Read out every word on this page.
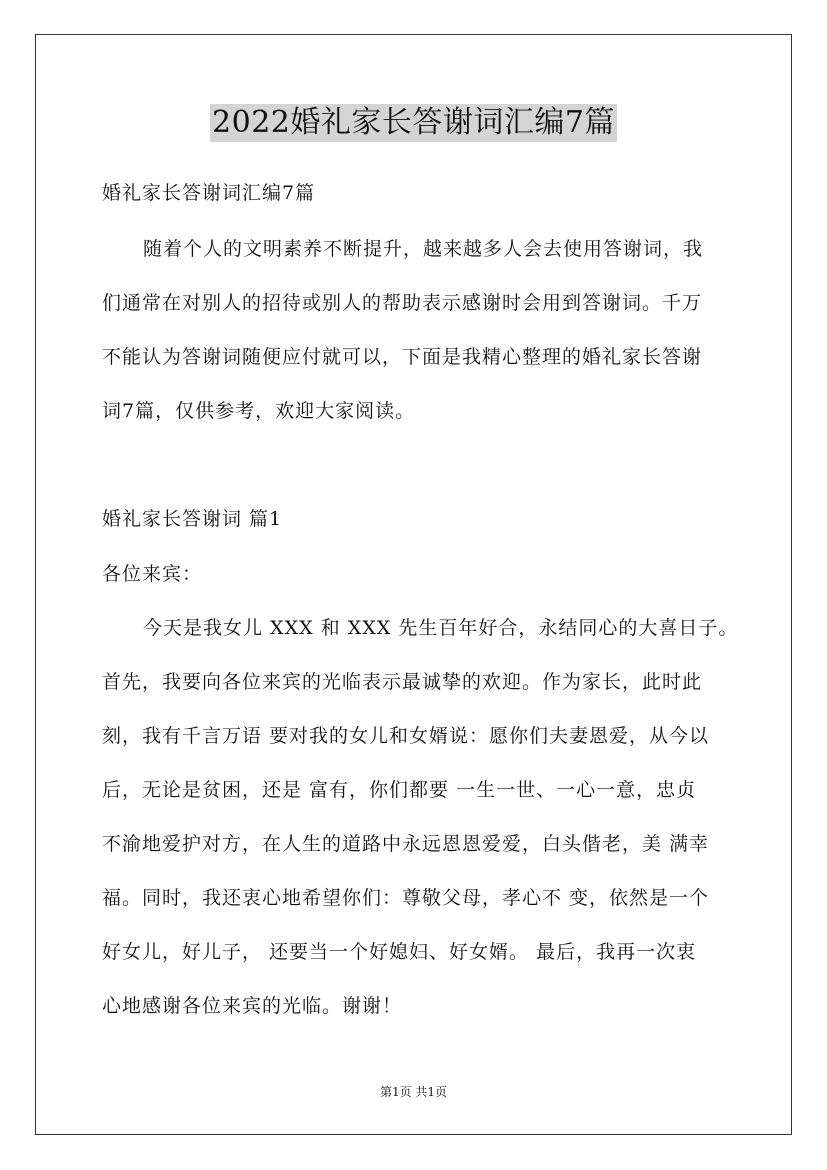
2022婚礼家长答谢词汇编7篇
婚礼家长答谢词汇编7篇
随着个人的文明素养不断提升，越来越多人会去使用答谢词，我
们通常在对别人的招待或别人的帮助表示感谢时会用到答谢词。千万
不能认为答谢词随便应付就可以，下面是我精心整理的婚礼家长答谢
词7篇，仅供参考，欢迎大家阅读。
婚礼家长答谢词 篇1
各位来宾：
今天是我女儿 XXX 和 XXX 先生百年好合，永结同心的大喜日子。
首先，我要向各位来宾的光临表示最诚挚的欢迎。作为家长，此时此
刻，我有千言万语 要对我的女儿和女婿说：愿你们夫妻恩爱，从今以
后，无论是贫困，还是 富有，你们都要 一生一世、一心一意，忠贞
不渝地爱护对方，在人生的道路中永远恩恩爱爱，白头偕老，美 满幸
福。同时，我还衷心地希望你们：尊敬父母，孝心不 变，依然是一个
好女儿，好儿子， 还要当一个好媳妇、好女婿。 最后，我再一次衷
心地感谢各位来宾的光临。谢谢！
第1页 共1页
